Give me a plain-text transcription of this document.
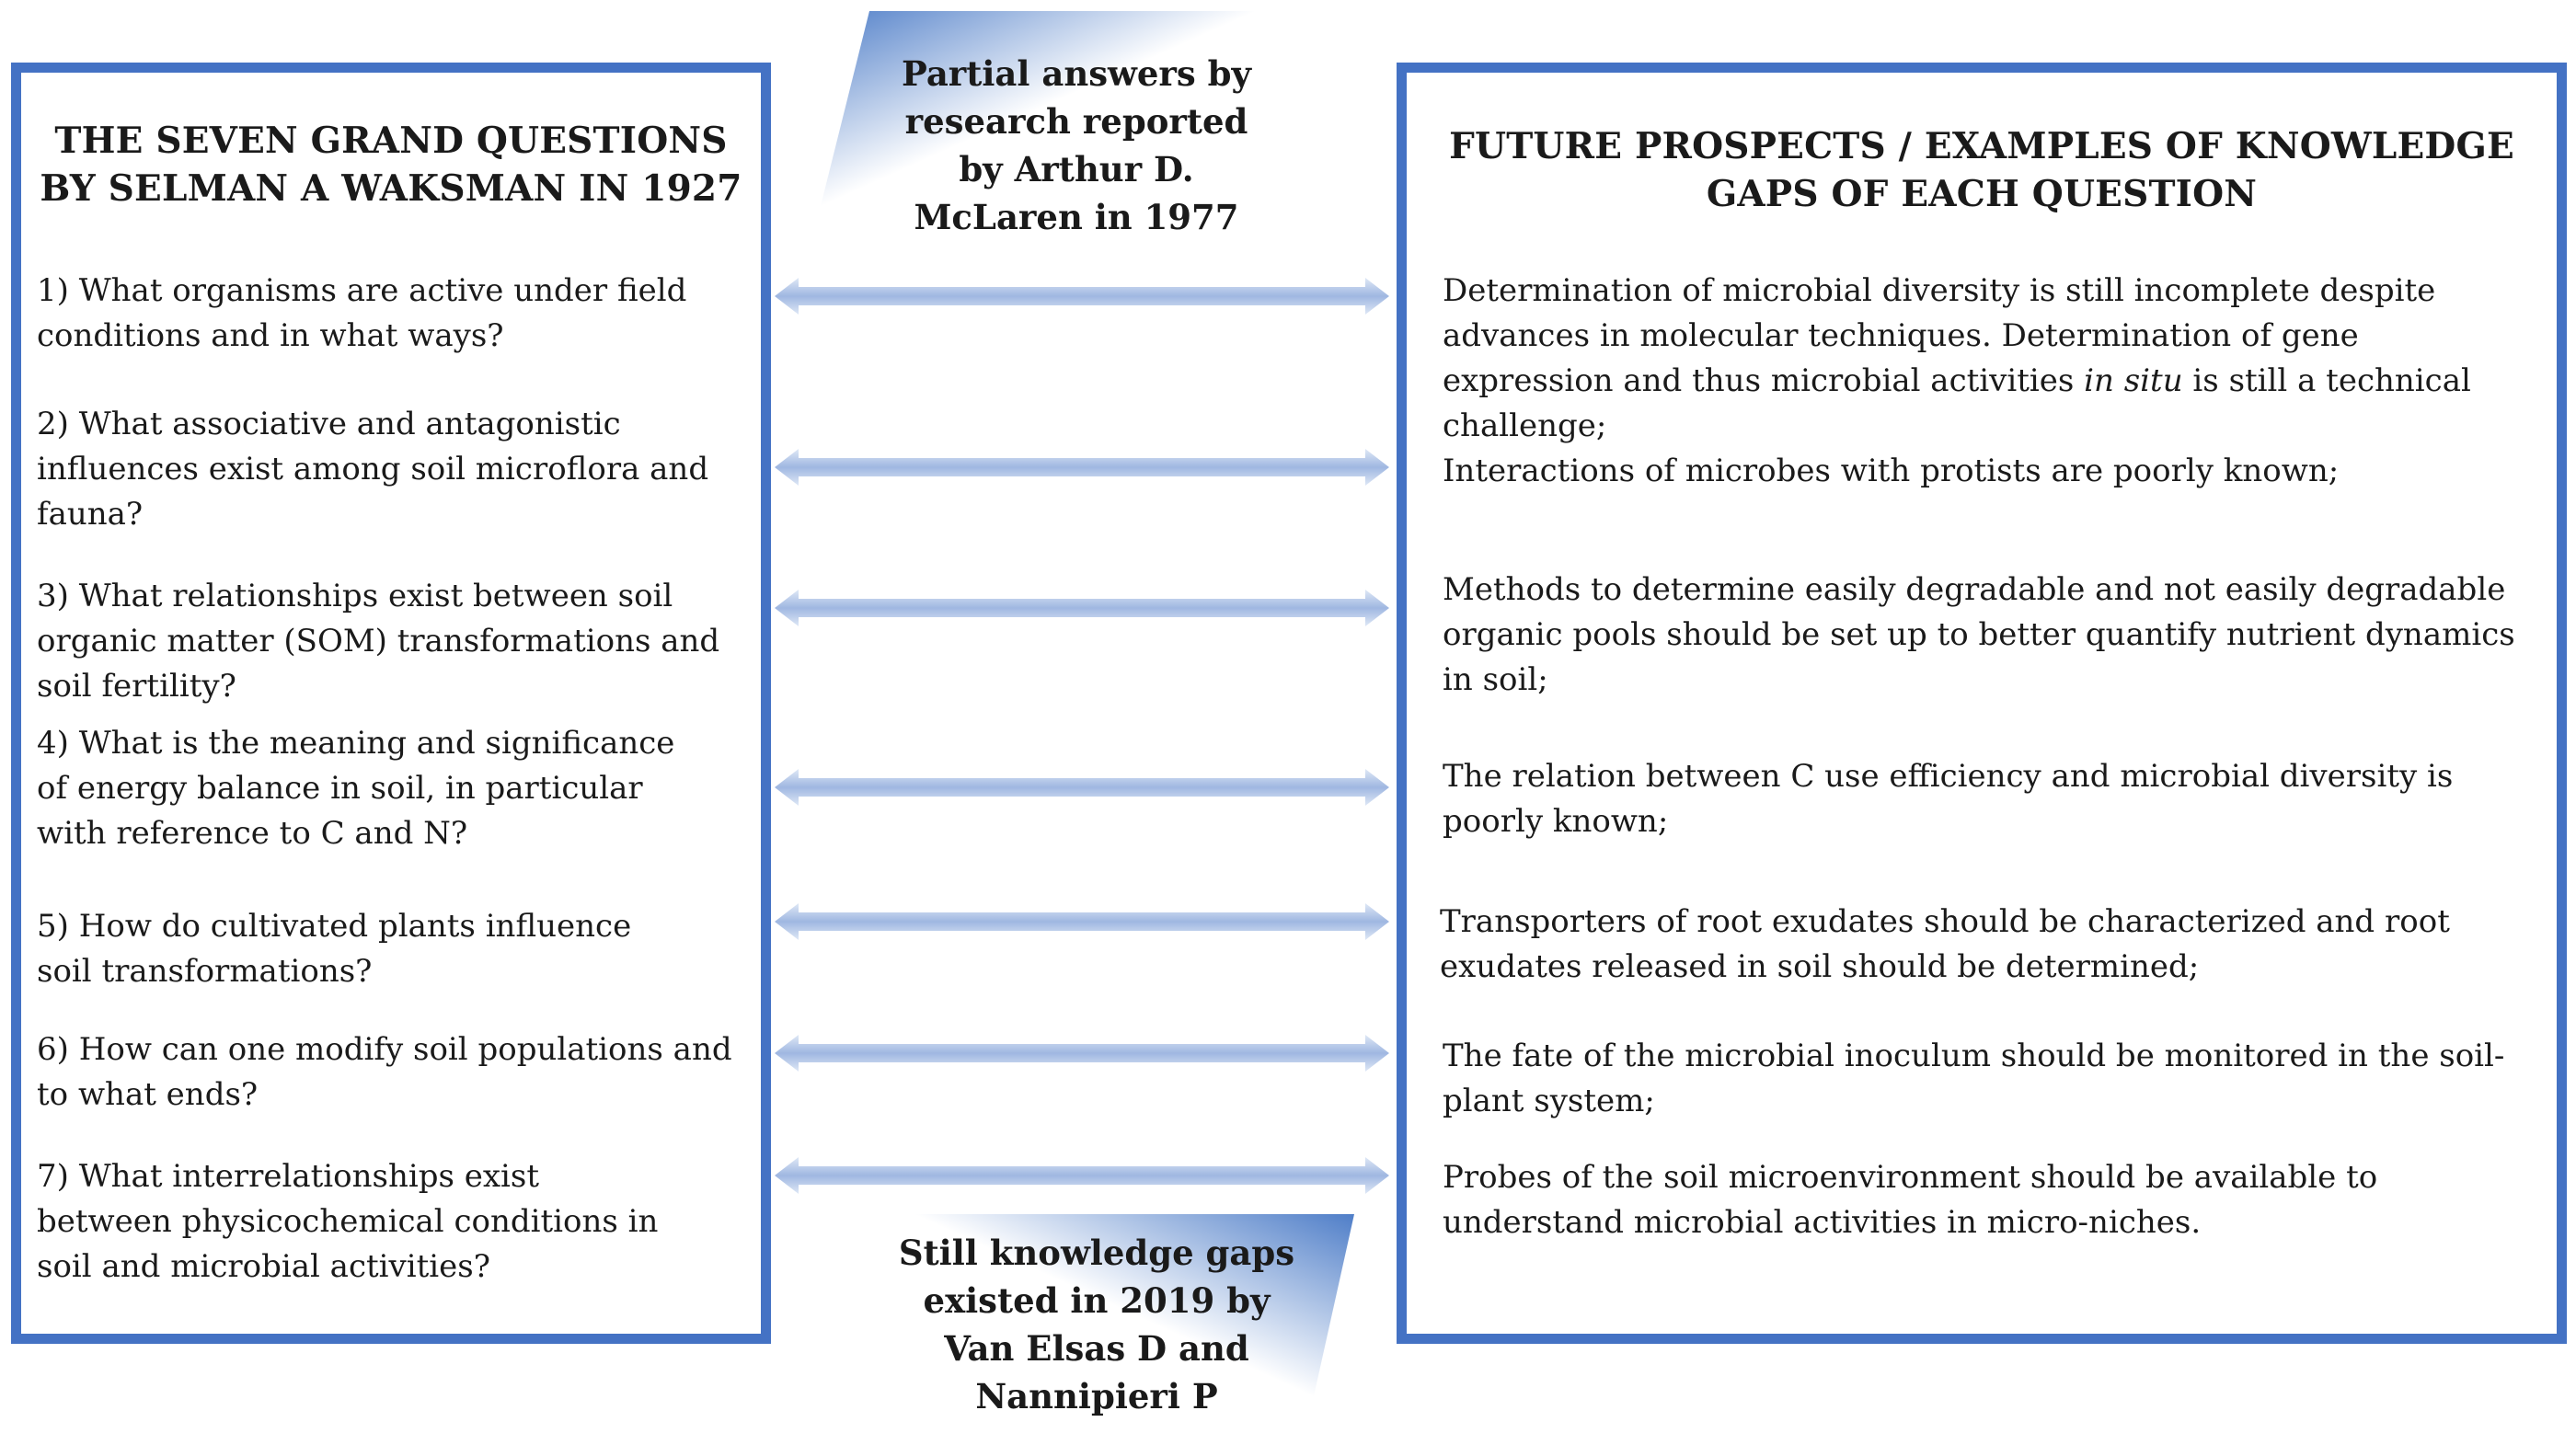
Partial answers by research reported by Arthur D. McLaren in 1977
THE SEVEN GRAND QUESTIONS BY SELMAN A WAKSMAN IN 1927

1) What organisms are active under field conditions and in what ways?

2) What associative and antagonistic influences exist among soil microflora and fauna?

3) What relationships exist between soil organic matter (SOM) transformations and soil fertility?

4) What is the meaning and significance of energy balance in soil, in particular with reference to C and N?

5) How do cultivated plants influence soil transformations?

6) How can one modify soil populations and to what ends?

7) What interrelationships exist between physicochemical conditions in soil and microbial activities?

FUTURE PROSPECTS / EXAMPLES OF KNOWLEDGE GAPS OF EACH QUESTION

Determination of microbial diversity is still incomplete despite advances in molecular techniques. Determination of gene expression and thus microbial activities in situ is still a technical challenge;

Interactions of microbes with protists are poorly known;

Methods to determine easily degradable and not easily degradable organic pools should be set up to better quantify nutrient dynamics in soil;

The relation between C use efficiency and microbial diversity is poorly known;

Transporters of root exudates should be characterized and root exudates released in soil should be determined;

The fate of the microbial inoculum should be monitored in the soil-plant system;

Probes of the soil microenvironment should be available to understand microbial activities in micro-niches.

Still knowledge gaps existed in 2019 by Van Elsas D and Nannipieri P
